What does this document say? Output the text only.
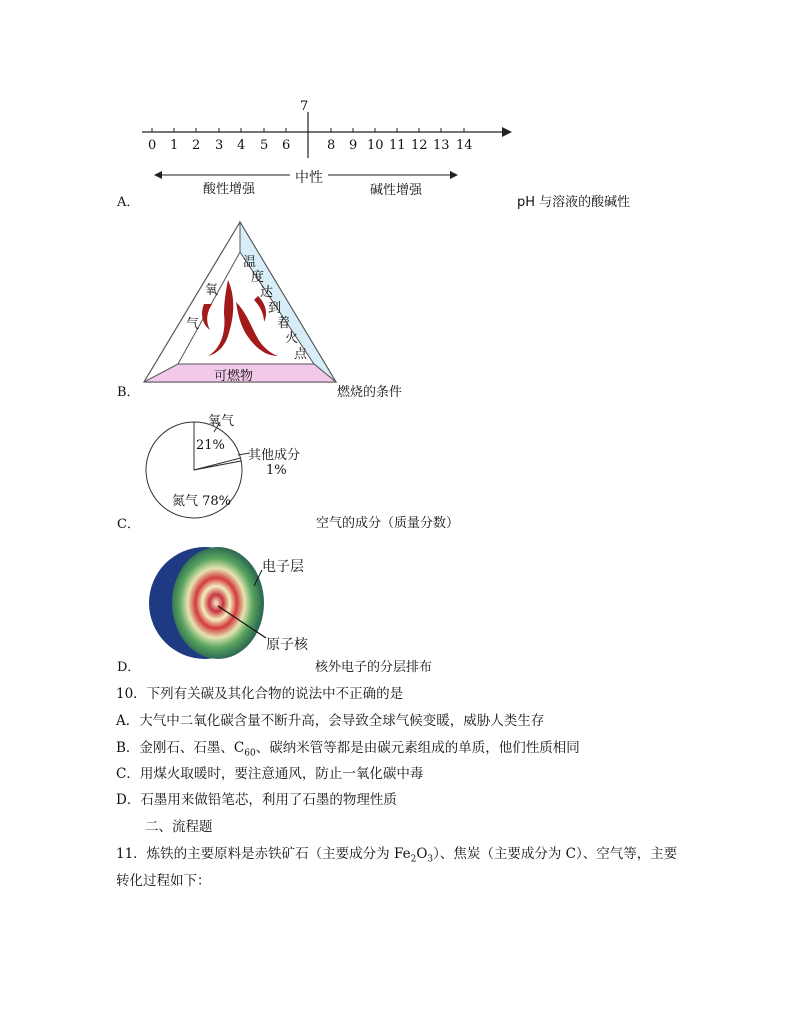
7
0 1 2 3 4 5 6	8 9 10 11 12 13 14
中性
酸性增强	碱性增强
A．	pH 与溶液的酸碱性
氧
气
温
度
达
到
着
火
点
可燃物
B．	燃烧的条件
氧气
21%
其他成分
1%
氮气 78%
C．	空气的成分（质量分数）
电子层
原子核
D．	核外电子的分层排布
10．下列有关碳及其化合物的说法中不正确的是
A．大气中二氧化碳含量不断升高，会导致全球气候变暖，威胁人类生存
B．金刚石、石墨、$C_{60}$、碳纳米管等都是由碳元素组成的单质，他们性质相同
C．用煤火取暖时，要注意通风，防止一氧化碳中毒
D．石墨用来做铅笔芯，利用了石墨的物理性质
二、流程题
11．炼铁的主要原料是赤铁矿石（主要成分为 $Fe_2O_3$）、焦炭（主要成分为 C）、空气等，主要
转化过程如下：
